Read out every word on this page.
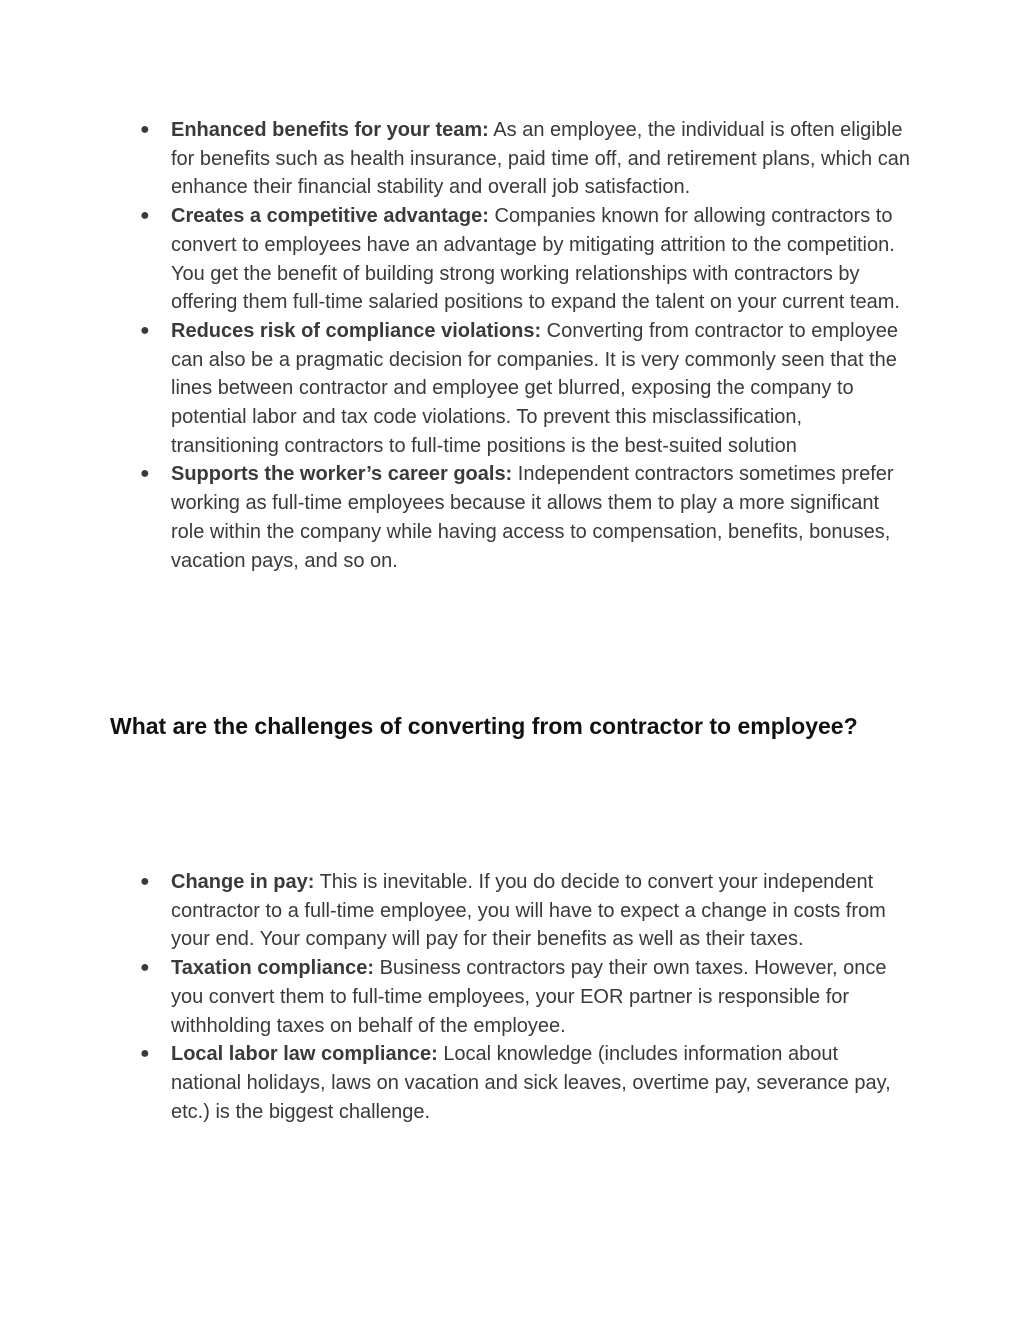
● Enhanced benefits for your team: As an employee, the individual is often eligible for benefits such as health insurance, paid time off, and retirement plans, which can enhance their financial stability and overall job satisfaction.
● Creates a competitive advantage: Companies known for allowing contractors to convert to employees have an advantage by mitigating attrition to the competition. You get the benefit of building strong working relationships with contractors by offering them full-time salaried positions to expand the talent on your current team.
● Reduces risk of compliance violations: Converting from contractor to employee can also be a pragmatic decision for companies. It is very commonly seen that the lines between contractor and employee get blurred, exposing the company to potential labor and tax code violations. To prevent this misclassification, transitioning contractors to full-time positions is the best-suited solution
● Supports the worker’s career goals: Independent contractors sometimes prefer working as full-time employees because it allows them to play a more significant role within the company while having access to compensation, benefits, bonuses, vacation pays, and so on.
What are the challenges of converting from contractor to employee?
● Change in pay: This is inevitable. If you do decide to convert your independent contractor to a full-time employee, you will have to expect a change in costs from your end. Your company will pay for their benefits as well as their taxes.
● Taxation compliance: Business contractors pay their own taxes. However, once you convert them to full-time employees, your EOR partner is responsible for withholding taxes on behalf of the employee.
● Local labor law compliance: Local knowledge (includes information about national holidays, laws on vacation and sick leaves, overtime pay, severance pay, etc.) is the biggest challenge.
